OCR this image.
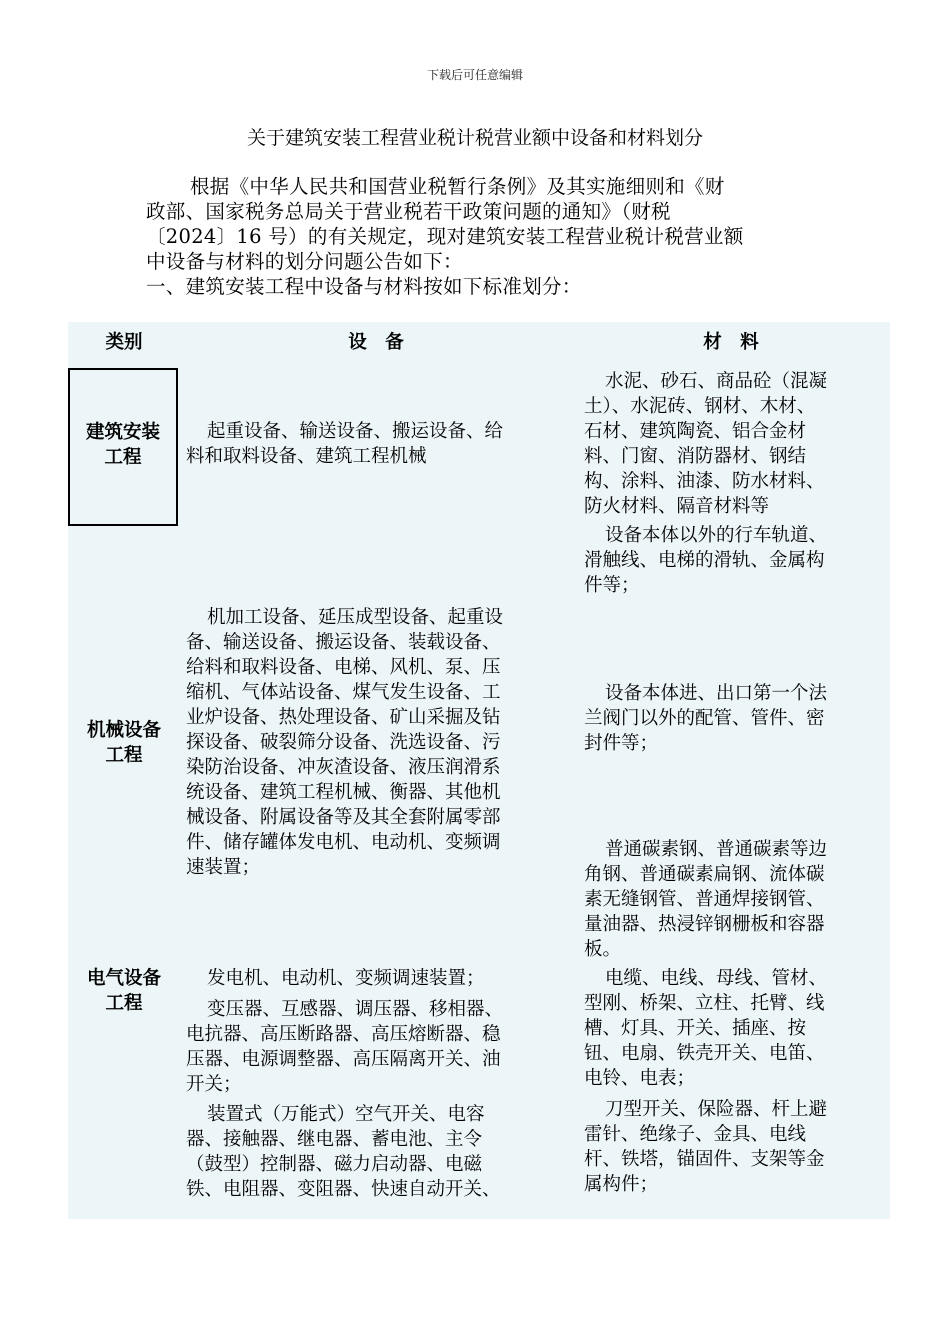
下载后可任意编辑
关于建筑安装工程营业税计税营业额中设备和材料划分

根据《中华人民共和国营业税暂行条例》及其实施细则和《财

政部、国家税务总局关于营业税若干政策问题的通知》（财税

〔2024〕16 号）的有关规定，现对建筑安装工程营业税计税营业额

中设备与材料的划分问题公告如下：

一、建筑安装工程中设备与材料按如下标准划分：

类别	设　备	材　料
建筑安装
工程
起重设备、输送设备、搬运设备、给
料和取料设备、建筑工程机械
水泥、砂石、商品砼（混凝
土）、水泥砖、钢材、木材、
石材、建筑陶瓷、铝合金材
料、门窗、消防器材、钢结
构、涂料、油漆、防水材料、
防火材料、隔音材料等
机械设备
工程
机加工设备、延压成型设备、起重设
备、输送设备、搬运设备、装载设备、
给料和取料设备、电梯、风机、泵、压
缩机、气体站设备、煤气发生设备、工
业炉设备、热处理设备、矿山采掘及钻
探设备、破裂筛分设备、洗选设备、污
染防治设备、冲灰渣设备、液压润滑系
统设备、建筑工程机械、衡器、其他机
械设备、附属设备等及其全套附属零部
件、储存罐体发电机、电动机、变频调
速装置；
设备本体以外的行车轨道、
滑触线、电梯的滑轨、金属构
件等；
设备本体进、出口第一个法
兰阀门以外的配管、管件、密
封件等；
普通碳素钢、普通碳素等边
角钢、普通碳素扁钢、流体碳
素无缝钢管、普通焊接钢管、
量油器、热浸锌钢栅板和容器
板。
电气设备
工程
发电机、电动机、变频调速装置；
变压器、互感器、调压器、移相器、
电抗器、高压断路器、高压熔断器、稳
压器、电源调整器、高压隔离开关、油
开关；
装置式（万能式）空气开关、电容
器、接触器、继电器、蓄电池、主令
（鼓型）控制器、磁力启动器、电磁
铁、电阻器、变阻器、快速自动开关、
电缆、电线、母线、管材、
型刚、桥架、立柱、托臂、线
槽、灯具、开关、插座、按
钮、电扇、铁壳开关、电笛、
电铃、电表；
刀型开关、保险器、杆上避
雷针、绝缘子、金具、电线
杆、铁塔，锚固件、支架等金
属构件；
